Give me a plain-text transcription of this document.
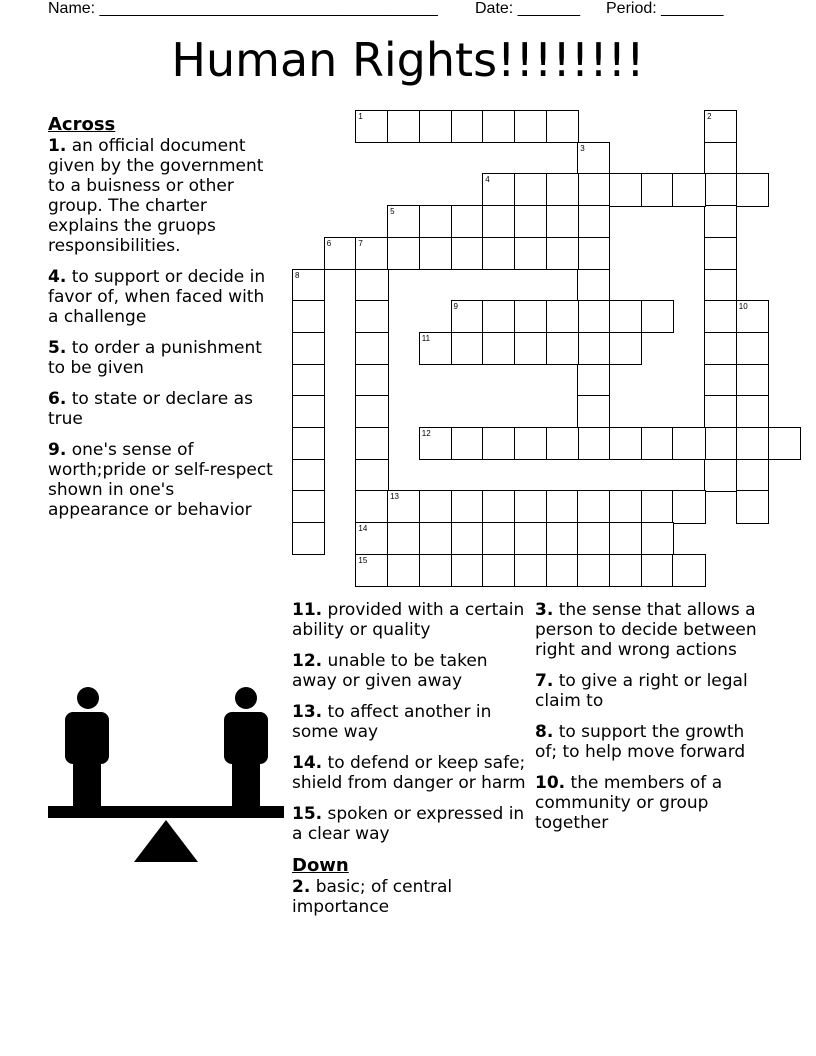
Name: ______________________________________ Date: _______ Period: _______
Human Rights!!!!!!!!
Across
1. an official document given by the government to a buisness or other group. The charter explains the gruops responsibilities.
4. to support or decide in favor of, when faced with a challenge
5. to order a punishment to be given
6. to state or declare as true
9. one's sense of worth;pride or self-respect shown in one's appearance or behavior
11. provided with a certain ability or quality
12. unable to be taken away or given away
13. to affect another in some way
14. to defend or keep safe; shield from danger or harm
15. spoken or expressed in a clear way
Down
2. basic; of central importance
3. the sense that allows a person to decide between right and wrong actions
7. to give a right or legal claim to
8. to support the growth of; to help move forward
10. the members of a community or group together
1	2
3
4
5
6	7
14
8
9	10
11
12
13
15
